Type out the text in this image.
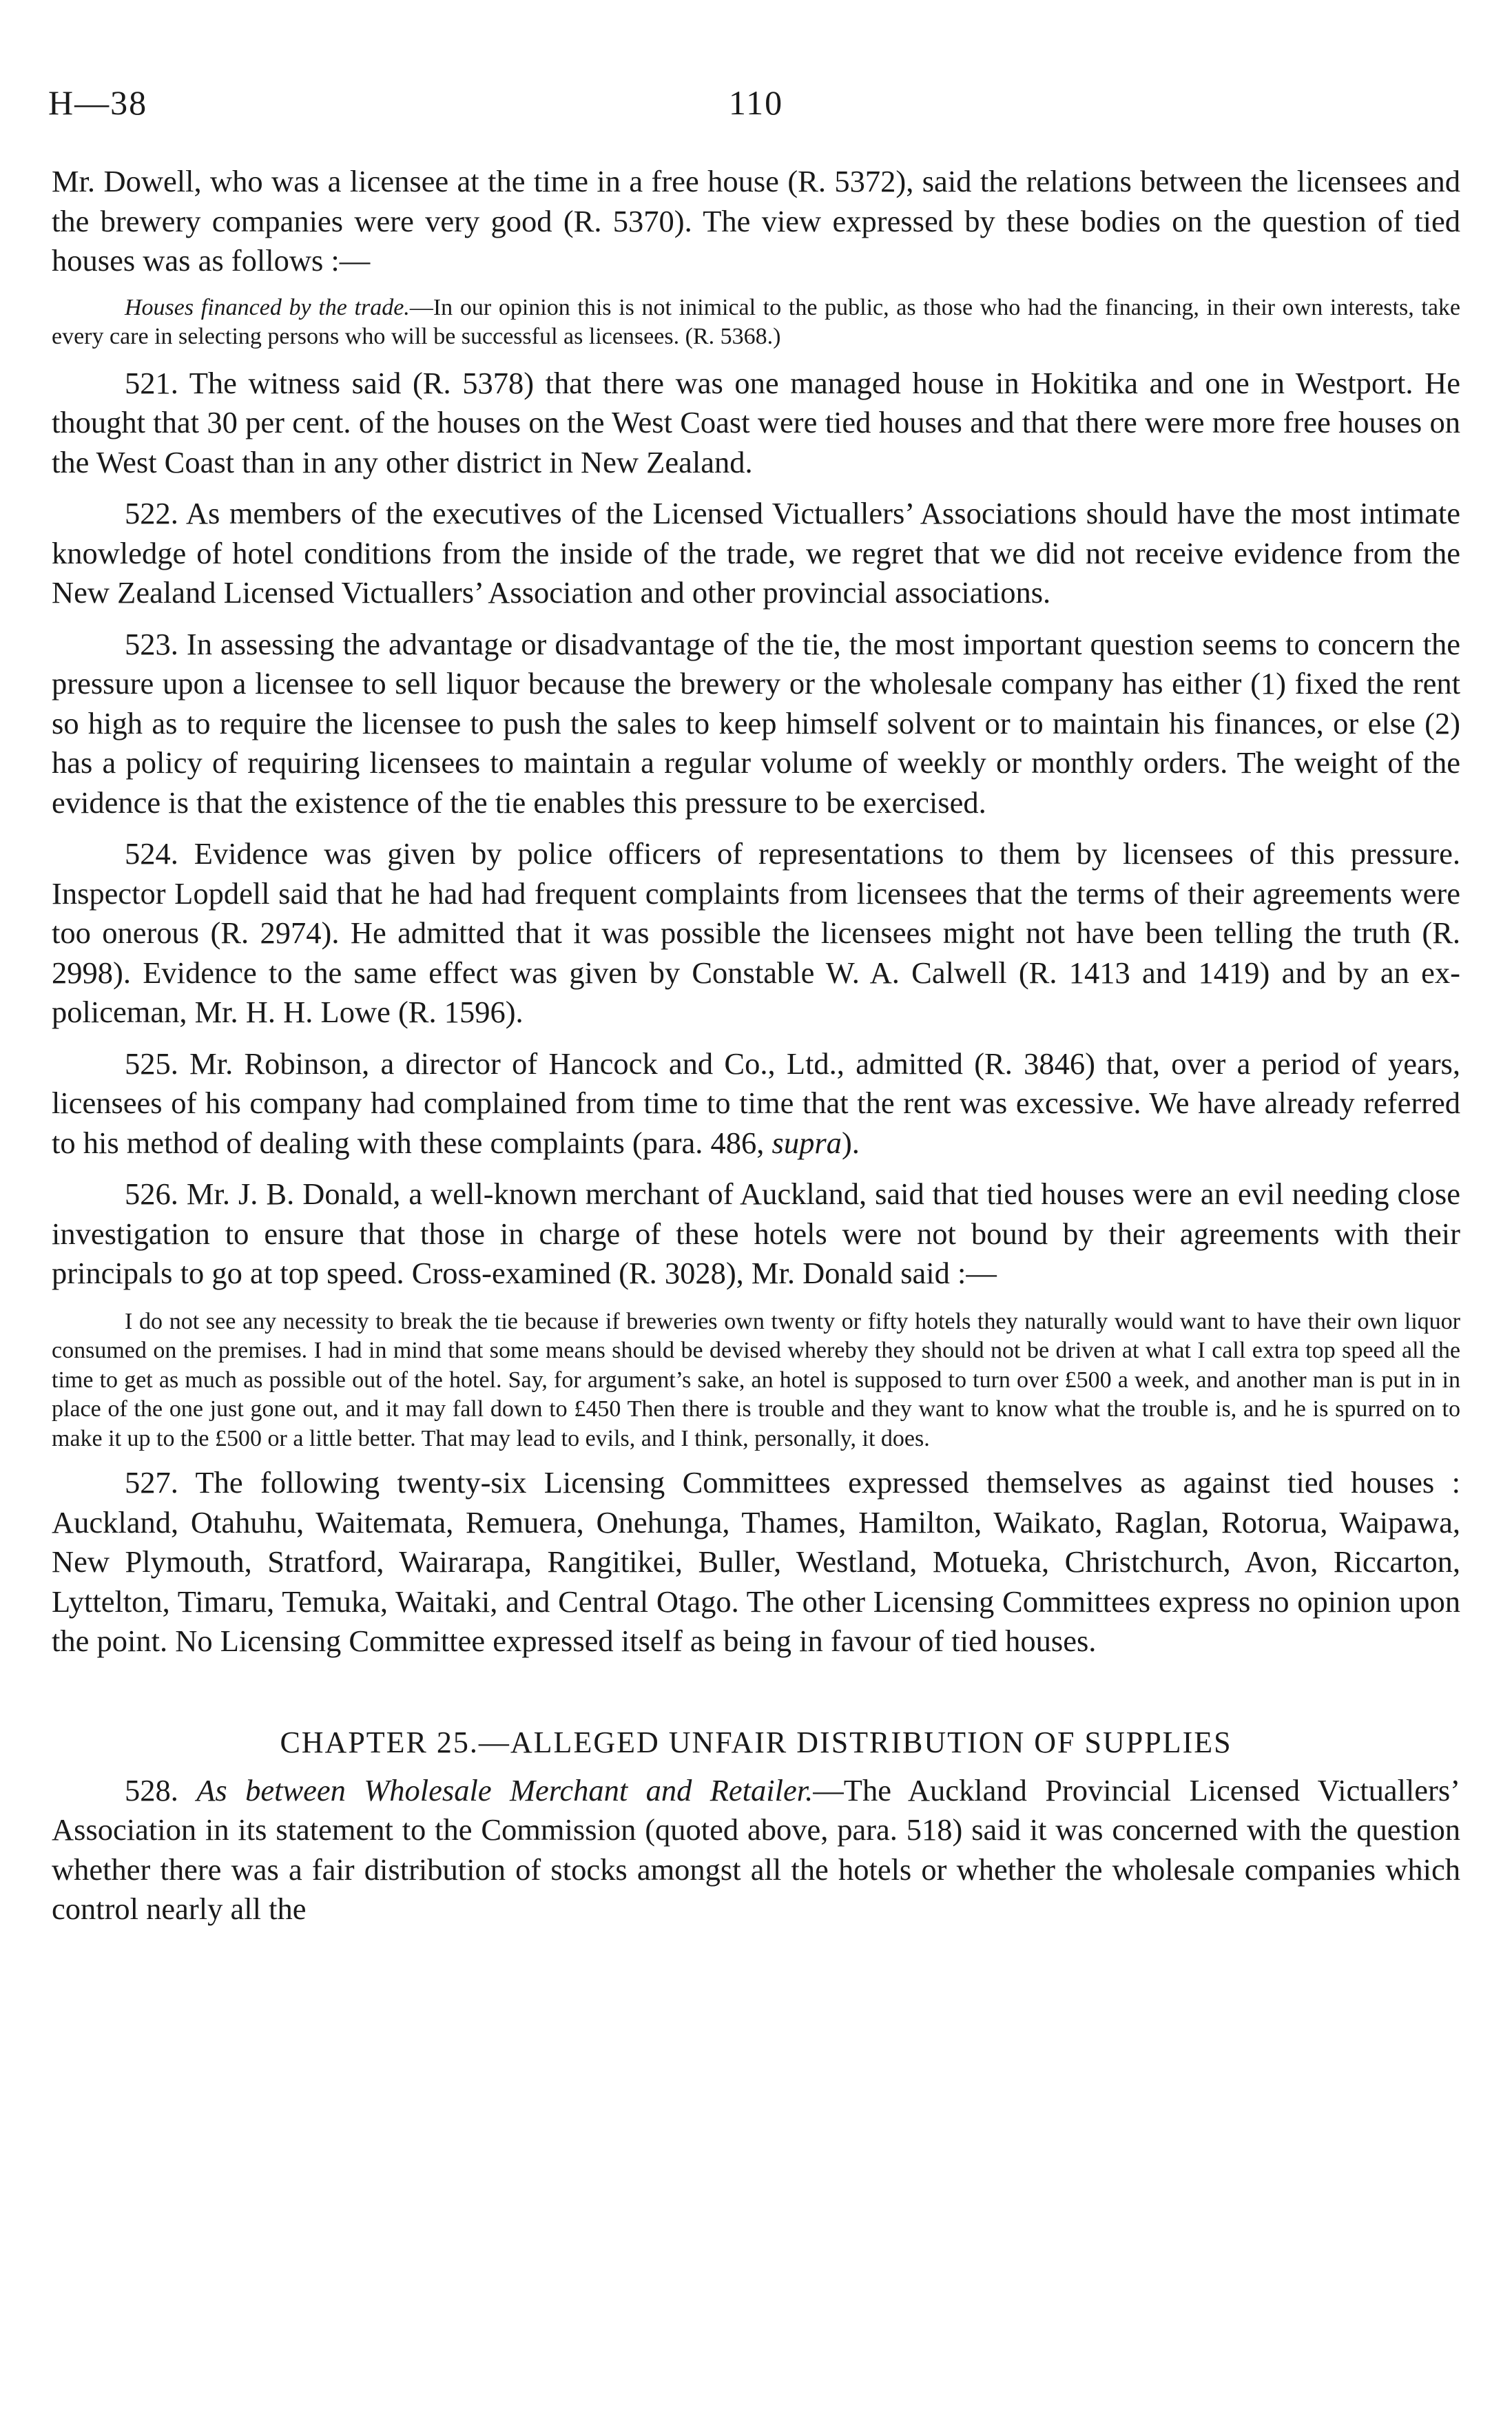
H—38	110

Mr. Dowell, who was a licensee at the time in a free house (R. 5372), said the relations between the licensees and the brewery companies were very good (R. 5370). The view expressed by these bodies on the question of tied houses was as follows :—

Houses financed by the trade.—In our opinion this is not inimical to the public, as those who had the financing, in their own interests, take every care in selecting persons who will be successful as licensees. (R. 5368.)

521. The witness said (R. 5378) that there was one managed house in Hokitika and one in Westport. He thought that 30 per cent. of the houses on the West Coast were tied houses and that there were more free houses on the West Coast than in any other district in New Zealand.

522. As members of the executives of the Licensed Victuallers’ Associations should have the most intimate knowledge of hotel conditions from the inside of the trade, we regret that we did not receive evidence from the New Zealand Licensed Victuallers’ Association and other provincial associations.

523. In assessing the advantage or disadvantage of the tie, the most important question seems to concern the pressure upon a licensee to sell liquor because the brewery or the wholesale company has either (1) fixed the rent so high as to require the licensee to push the sales to keep himself solvent or to maintain his finances, or else (2) has a policy of requiring licensees to maintain a regular volume of weekly or monthly orders. The weight of the evidence is that the existence of the tie enables this pressure to be exercised.

524. Evidence was given by police officers of representations to them by licensees of this pressure. Inspector Lopdell said that he had had frequent complaints from licensees that the terms of their agreements were too onerous (R. 2974). He admitted that it was possible the licensees might not have been telling the truth (R. 2998). Evidence to the same effect was given by Constable W. A. Calwell (R. 1413 and 1419) and by an ex-policeman, Mr. H. H. Lowe (R. 1596).

525. Mr. Robinson, a director of Hancock and Co., Ltd., admitted (R. 3846) that, over a period of years, licensees of his company had complained from time to time that the rent was excessive. We have already referred to his method of dealing with these complaints (para. 486, supra).

526. Mr. J. B. Donald, a well-known merchant of Auckland, said that tied houses were an evil needing close investigation to ensure that those in charge of these hotels were not bound by their agreements with their principals to go at top speed. Cross-examined (R. 3028), Mr. Donald said :—

I do not see any necessity to break the tie because if breweries own twenty or fifty hotels they naturally would want to have their own liquor consumed on the premises. I had in mind that some means should be devised whereby they should not be driven at what I call extra top speed all the time to get as much as possible out of the hotel. Say, for argument’s sake, an hotel is supposed to turn over £500 a week, and another man is put in in place of the one just gone out, and it may fall down to £450 Then there is trouble and they want to know what the trouble is, and he is spurred on to make it up to the £500 or a little better. That may lead to evils, and I think, personally, it does.

527. The following twenty-six Licensing Committees expressed themselves as against tied houses : Auckland, Otahuhu, Waitemata, Remuera, Onehunga, Thames, Hamilton, Waikato, Raglan, Rotorua, Waipawa, New Plymouth, Stratford, Wairarapa, Rangitikei, Buller, Westland, Motueka, Christchurch, Avon, Riccarton, Lyttelton, Timaru, Temuka, Waitaki, and Central Otago. The other Licensing Committees express no opinion upon the point. No Licensing Committee expressed itself as being in favour of tied houses.

CHAPTER 25.—ALLEGED UNFAIR DISTRIBUTION OF SUPPLIES

528. As between Wholesale Merchant and Retailer.—The Auckland Provincial Licensed Victuallers’ Association in its statement to the Commission (quoted above, para. 518) said it was concerned with the question whether there was a fair distribution of stocks amongst all the hotels or whether the wholesale companies which control nearly all the
